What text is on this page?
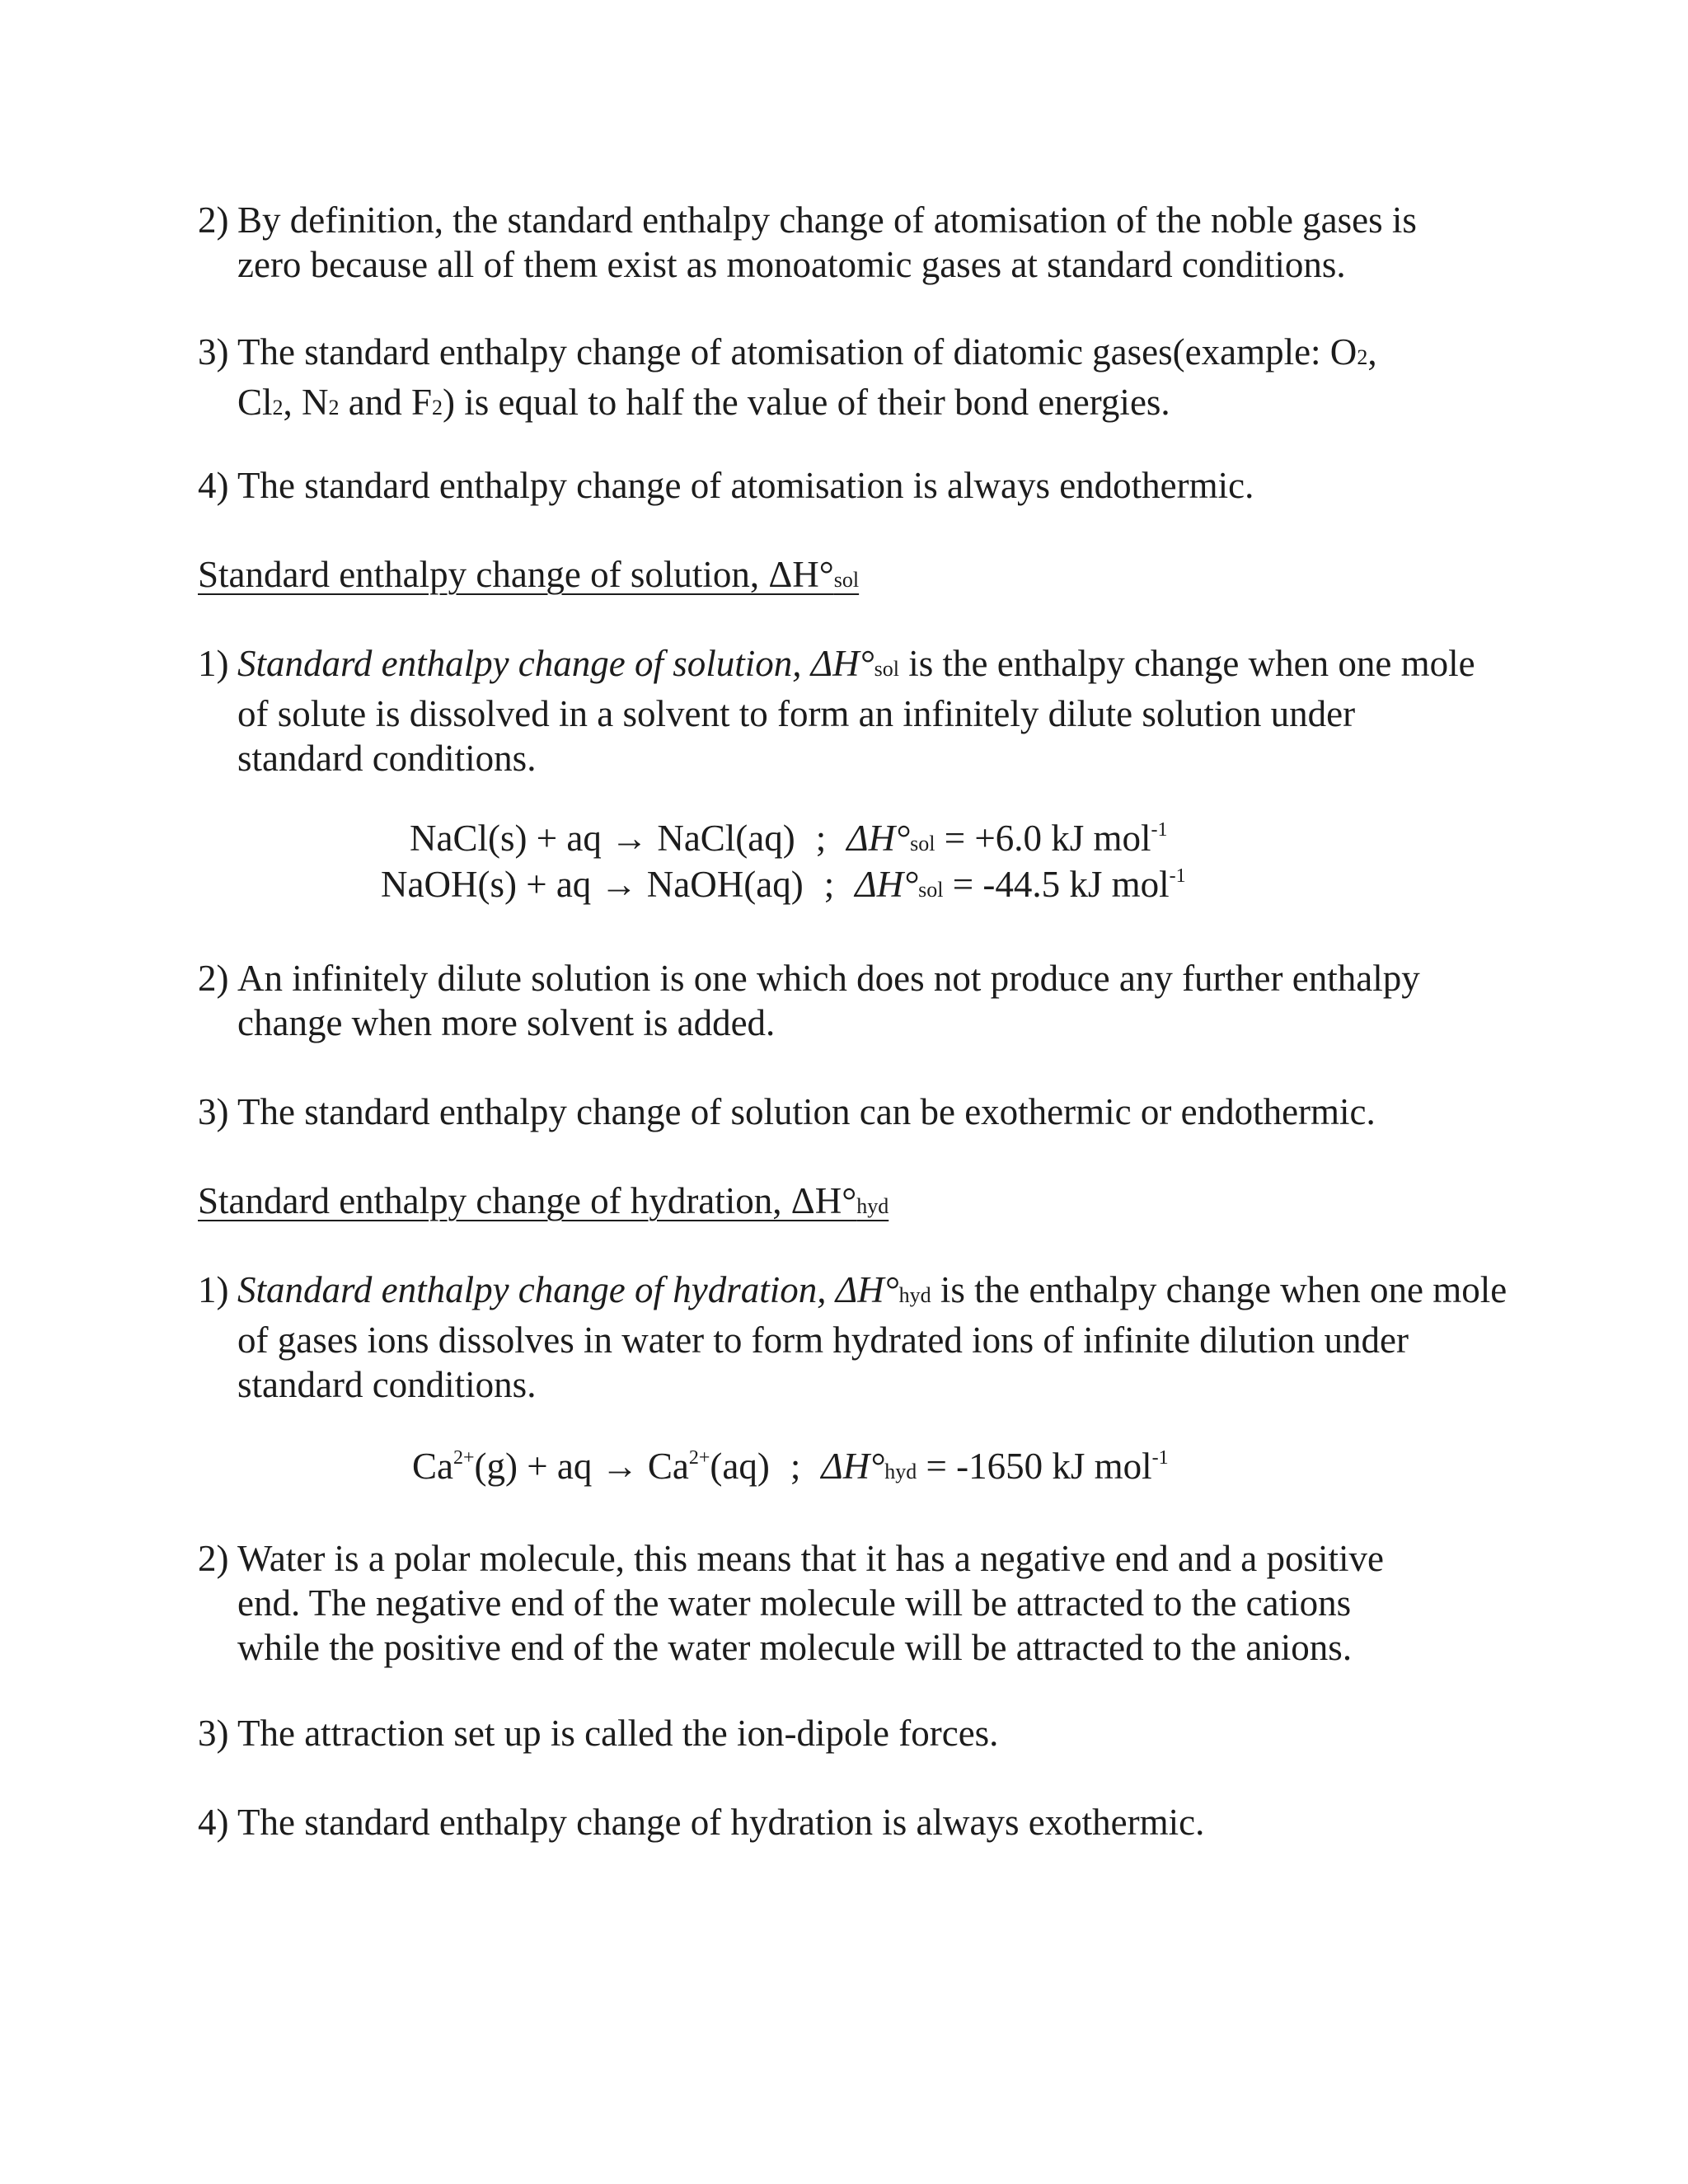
2) By definition, the standard enthalpy change of atomisation of the noble gases is
zero because all of them exist as monoatomic gases at standard conditions.
3) The standard enthalpy change of atomisation of diatomic gases(example: O2,
Cl2, N2 and F2) is equal to half the value of their bond energies.
4) The standard enthalpy change of atomisation is always endothermic.
Standard enthalpy change of solution, ΔH°sol
1) Standard enthalpy change of solution, ΔH°sol is the enthalpy change when one mole
of solute is dissolved in a solvent to form an infinitely dilute solution under
standard conditions.
NaCl(s) + aq → NaCl(aq) ; ΔH°sol = +6.0 kJ mol$^{-1}$
NaOH(s) + aq → NaOH(aq) ; ΔH°sol = -44.5 kJ mol$^{-1}$
2) An infinitely dilute solution is one which does not produce any further enthalpy
change when more solvent is added.
3) The standard enthalpy change of solution can be exothermic or endothermic.
Standard enthalpy change of hydration, ΔH°hyd
1) Standard enthalpy change of hydration, ΔH°hyd is the enthalpy change when one mole
of gases ions dissolves in water to form hydrated ions of infinite dilution under
standard conditions.
$Ca^{2+}(g)$ + aq → $Ca^{2+}(aq)$ ; ΔH°hyd = -1650 kJ mol$^{-1}$
2) Water is a polar molecule, this means that it has a negative end and a positive
end. The negative end of the water molecule will be attracted to the cations
while the positive end of the water molecule will be attracted to the anions.
3) The attraction set up is called the ion-dipole forces.
4) The standard enthalpy change of hydration is always exothermic.
